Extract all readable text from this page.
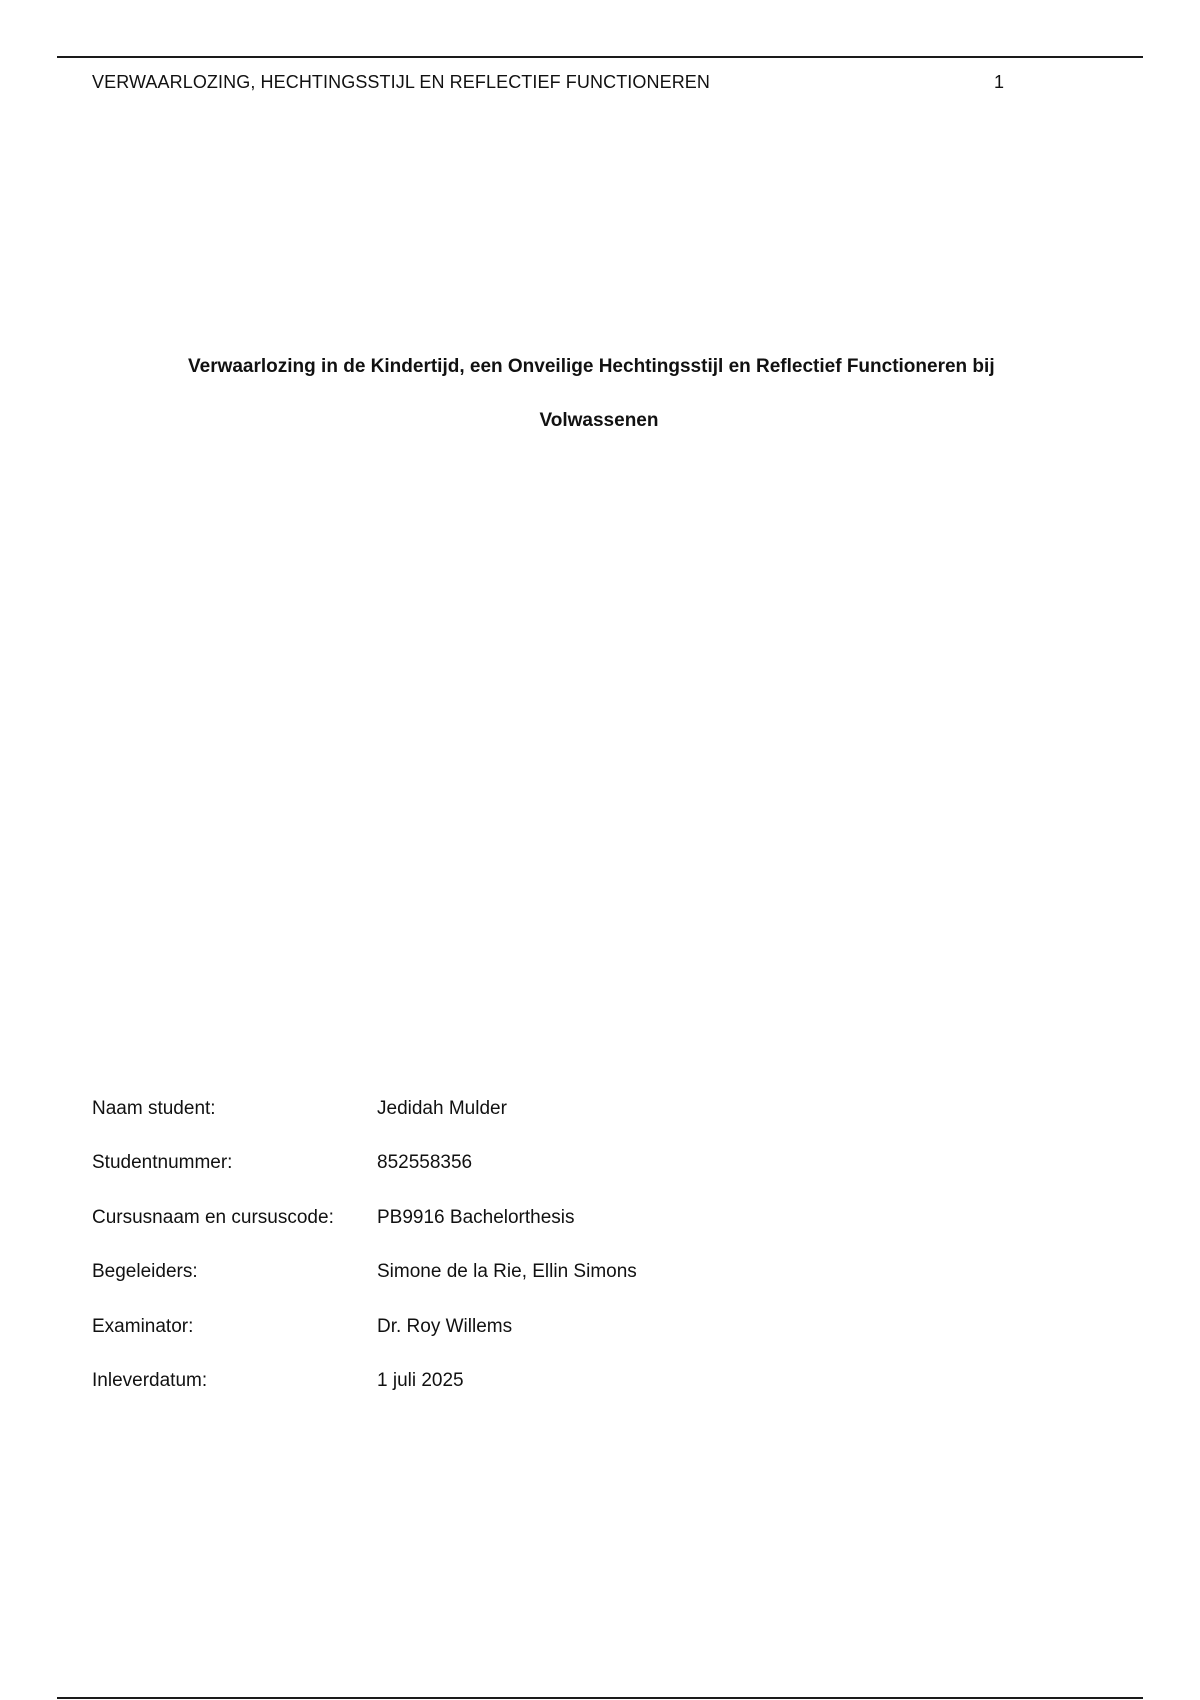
VERWAARLOZING, HECHTINGSSTIJL EN REFLECTIEF FUNCTIONEREN	1
Verwaarlozing in de Kindertijd, een Onveilige Hechtingsstijl en Reflectief Functioneren bij
Volwassenen
Naam student:	Jedidah Mulder
Studentnummer:	852558356
Cursusnaam en cursuscode:	PB9916 Bachelorthesis
Begeleiders:	Simone de la Rie, Ellin Simons
Examinator:	Dr. Roy Willems
Inleverdatum:	1 juli 2025
